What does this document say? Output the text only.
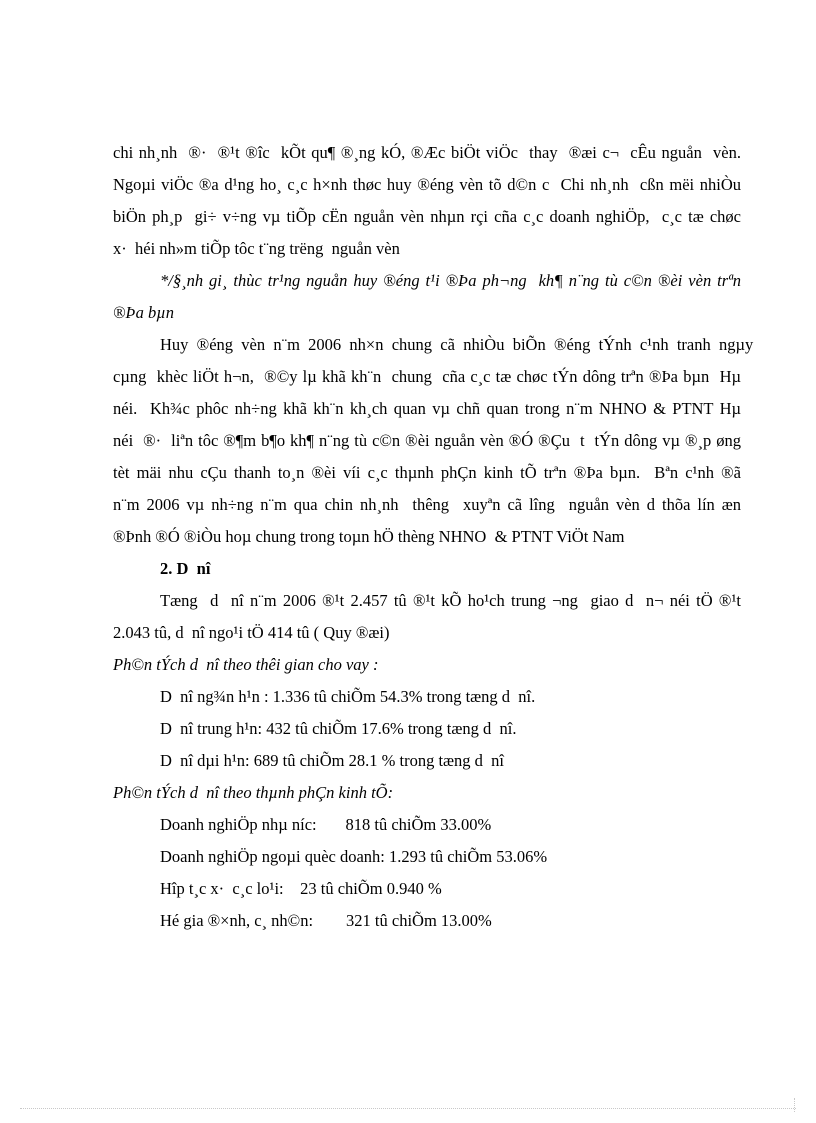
chi nh¸nh  ®·  ®¹t ®îc  kÕt qu¶ ®¸ng kÓ, ®Æc biÖt viÖc  thay  ®æi c¬  cÊu nguån  vèn.
Ngoµi viÖc ®a d¹ng ho¸ c¸c h×nh thøc huy ®éng vèn tõ d©n c  Chi nh¸nh  cßn mëi nhiÒu
biÖn ph¸p  gi÷ v÷ng vµ tiÕp cËn nguån vèn nhµn rçi cña c¸c doanh nghiÖp,  c¸c tæ chøc
x·  héi nh»m tiÕp tôc t¨ng trëng  nguån vèn
*/§¸nh gi¸ thùc tr¹ng nguån huy ®éng t¹i ®Þa ph¬ng  kh¶ n¨ng tù c©n ®èi vèn trªn
®Þa bµn
Huy  ®éng  vèn  n¨m  2006  nh×n  chung  cã  nhiÒu  biÕn  ®éng  tÝnh  c¹nh  tranh  ngµy
cµng  khèc liÖt h¬n,  ®©y lµ khã kh¨n  chung  cña c¸c tæ chøc tÝn dông trªn ®Þa bµn  Hµ
néi.  Kh¾c phôc nh÷ng khã kh¨n kh¸ch quan vµ chñ quan trong n¨m NHNO & PTNT Hµ
néi  ®·  liªn tôc ®¶m b¶o kh¶ n¨ng tù c©n ®èi nguån vèn ®Ó ®Çu  t  tÝn dông vµ ®¸p øng
tèt mäi nhu cÇu thanh to¸n ®èi víi c¸c thµnh phÇn kinh tÕ trªn ®Þa bµn.  Bªn c¹nh ®ã
n¨m 2006 vµ nh÷ng n¨m qua chin nh¸nh  thêng  xuyªn cã lîng  nguån vèn d thõa lín æn
®Þnh ®Ó ®iÒu hoµ chung trong toµn hÖ thèng NHNO  & PTNT ViÖt Nam
2. D  nî
Tæng  d  nî n¨m 2006 ®¹t 2.457 tû ®¹t kÕ ho¹ch trung ¬ng  giao d  n¬ néi tÖ ®¹t
2.043 tû, d  nî ngo¹i tÖ 414 tû ( Quy ®æi)
Ph©n tÝch d  nî theo thêi gian cho vay :
D  nî ng¾n h¹n : 1.336 tû chiÕm 54.3% trong tæng d  nî.
D  nî trung h¹n: 432 tû chiÕm 17.6% trong tæng d  nî.
D  nî dµi h¹n: 689 tû chiÕm 28.1 % trong tæng d  nî
Ph©n tÝch d  nî theo thµnh phÇn kinh tÕ:
Doanh nghiÖp nhµ níc:       818 tû chiÕm 33.00%
Doanh nghiÖp ngoµi quèc doanh: 1.293 tû chiÕm 53.06%
Hîp t¸c x·  c¸c lo¹i:    23 tû chiÕm 0.940 %
Hé gia ®×nh, c¸ nh©n:        321 tû chiÕm 13.00%
